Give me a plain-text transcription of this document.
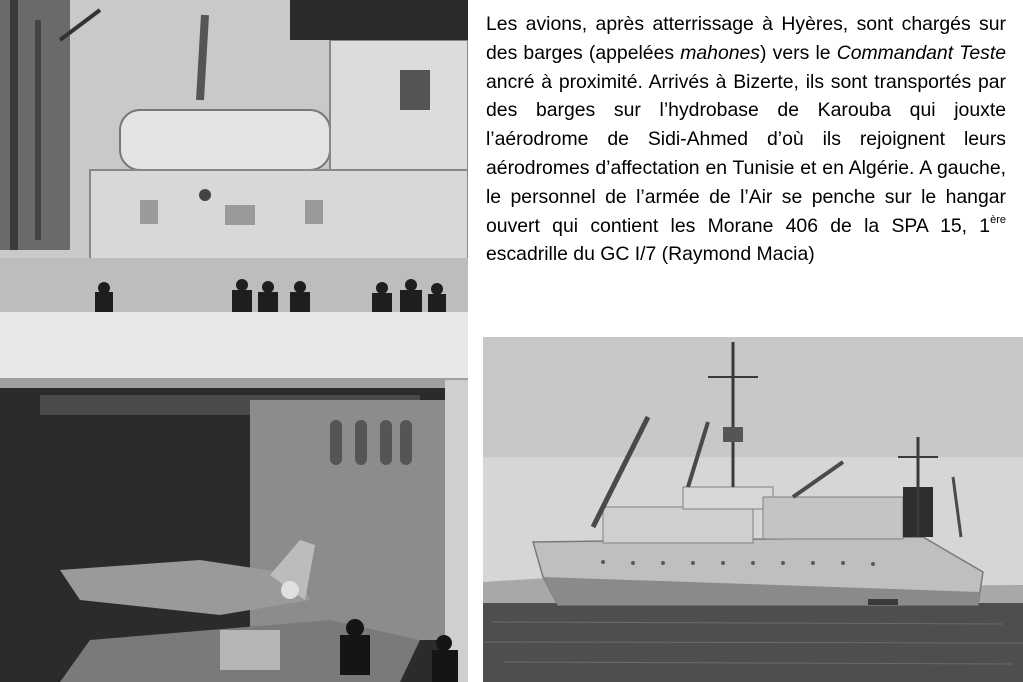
Les avions, après atterrissage à Hyères, sont chargés sur des barges (appelées mahones) vers le Commandant Teste ancré à proximité. Arrivés à Bizerte, ils sont transportés par des barges sur l’hydrobase de Karouba qui jouxte l’aérodrome de Sidi-Ahmed d’où ils rejoignent leurs aérodromes d’affectation en Tunisie et en Algérie. A gauche, le personnel de l’armée de l’Air se penche sur le hangar ouvert qui contient les Morane 406 de la SPA 15, 1ère escadrille du GC I/7 (Raymond Macia)
